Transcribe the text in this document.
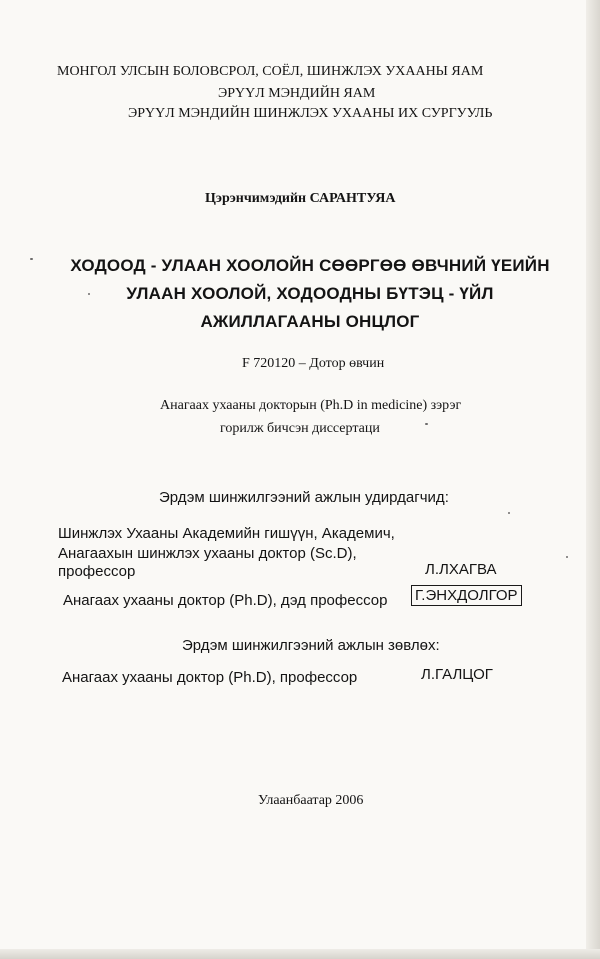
МОНГОЛ УЛСЫН БОЛОВСРОЛ, СОЁЛ, ШИНЖЛЭХ УХААНЫ ЯАМ
ЭРҮҮЛ МЭНДИЙН ЯАМ
ЭРҮҮЛ МЭНДИЙН ШИНЖЛЭХ УХААНЫ ИХ СУРГУУЛЬ
Цэрэнчимэдийн САРАНТУЯА
ХОДООД - УЛААН ХООЛОЙН СӨӨРГӨӨ ӨВЧНИЙ ҮЕИЙН
УЛААН ХООЛОЙ, ХОДООДНЫ БҮТЭЦ - ҮЙЛ
АЖИЛЛАГААНЫ ОНЦЛОГ
F 720120 – Дотор өвчин
Анагаах ухааны докторын (Ph.D in medicine) зэрэг
горилж бичсэн диссертаци
Эрдэм шинжилгээний ажлын удирдагчид:
Шинжлэх Ухааны Академийн гишүүн, Академич,
Анагаахын шинжлэх ухааны доктор (Sc.D),
профессор	Л.ЛХАГВА
Анагаах ухааны доктор (Ph.D), дэд профессор Г.ЭНХДОЛГОР
Эрдэм шинжилгээний ажлын зөвлөх:
Анагаах ухааны доктор (Ph.D), профессор	Л.ГАЛЦОГ
Улаанбаатар 2006
